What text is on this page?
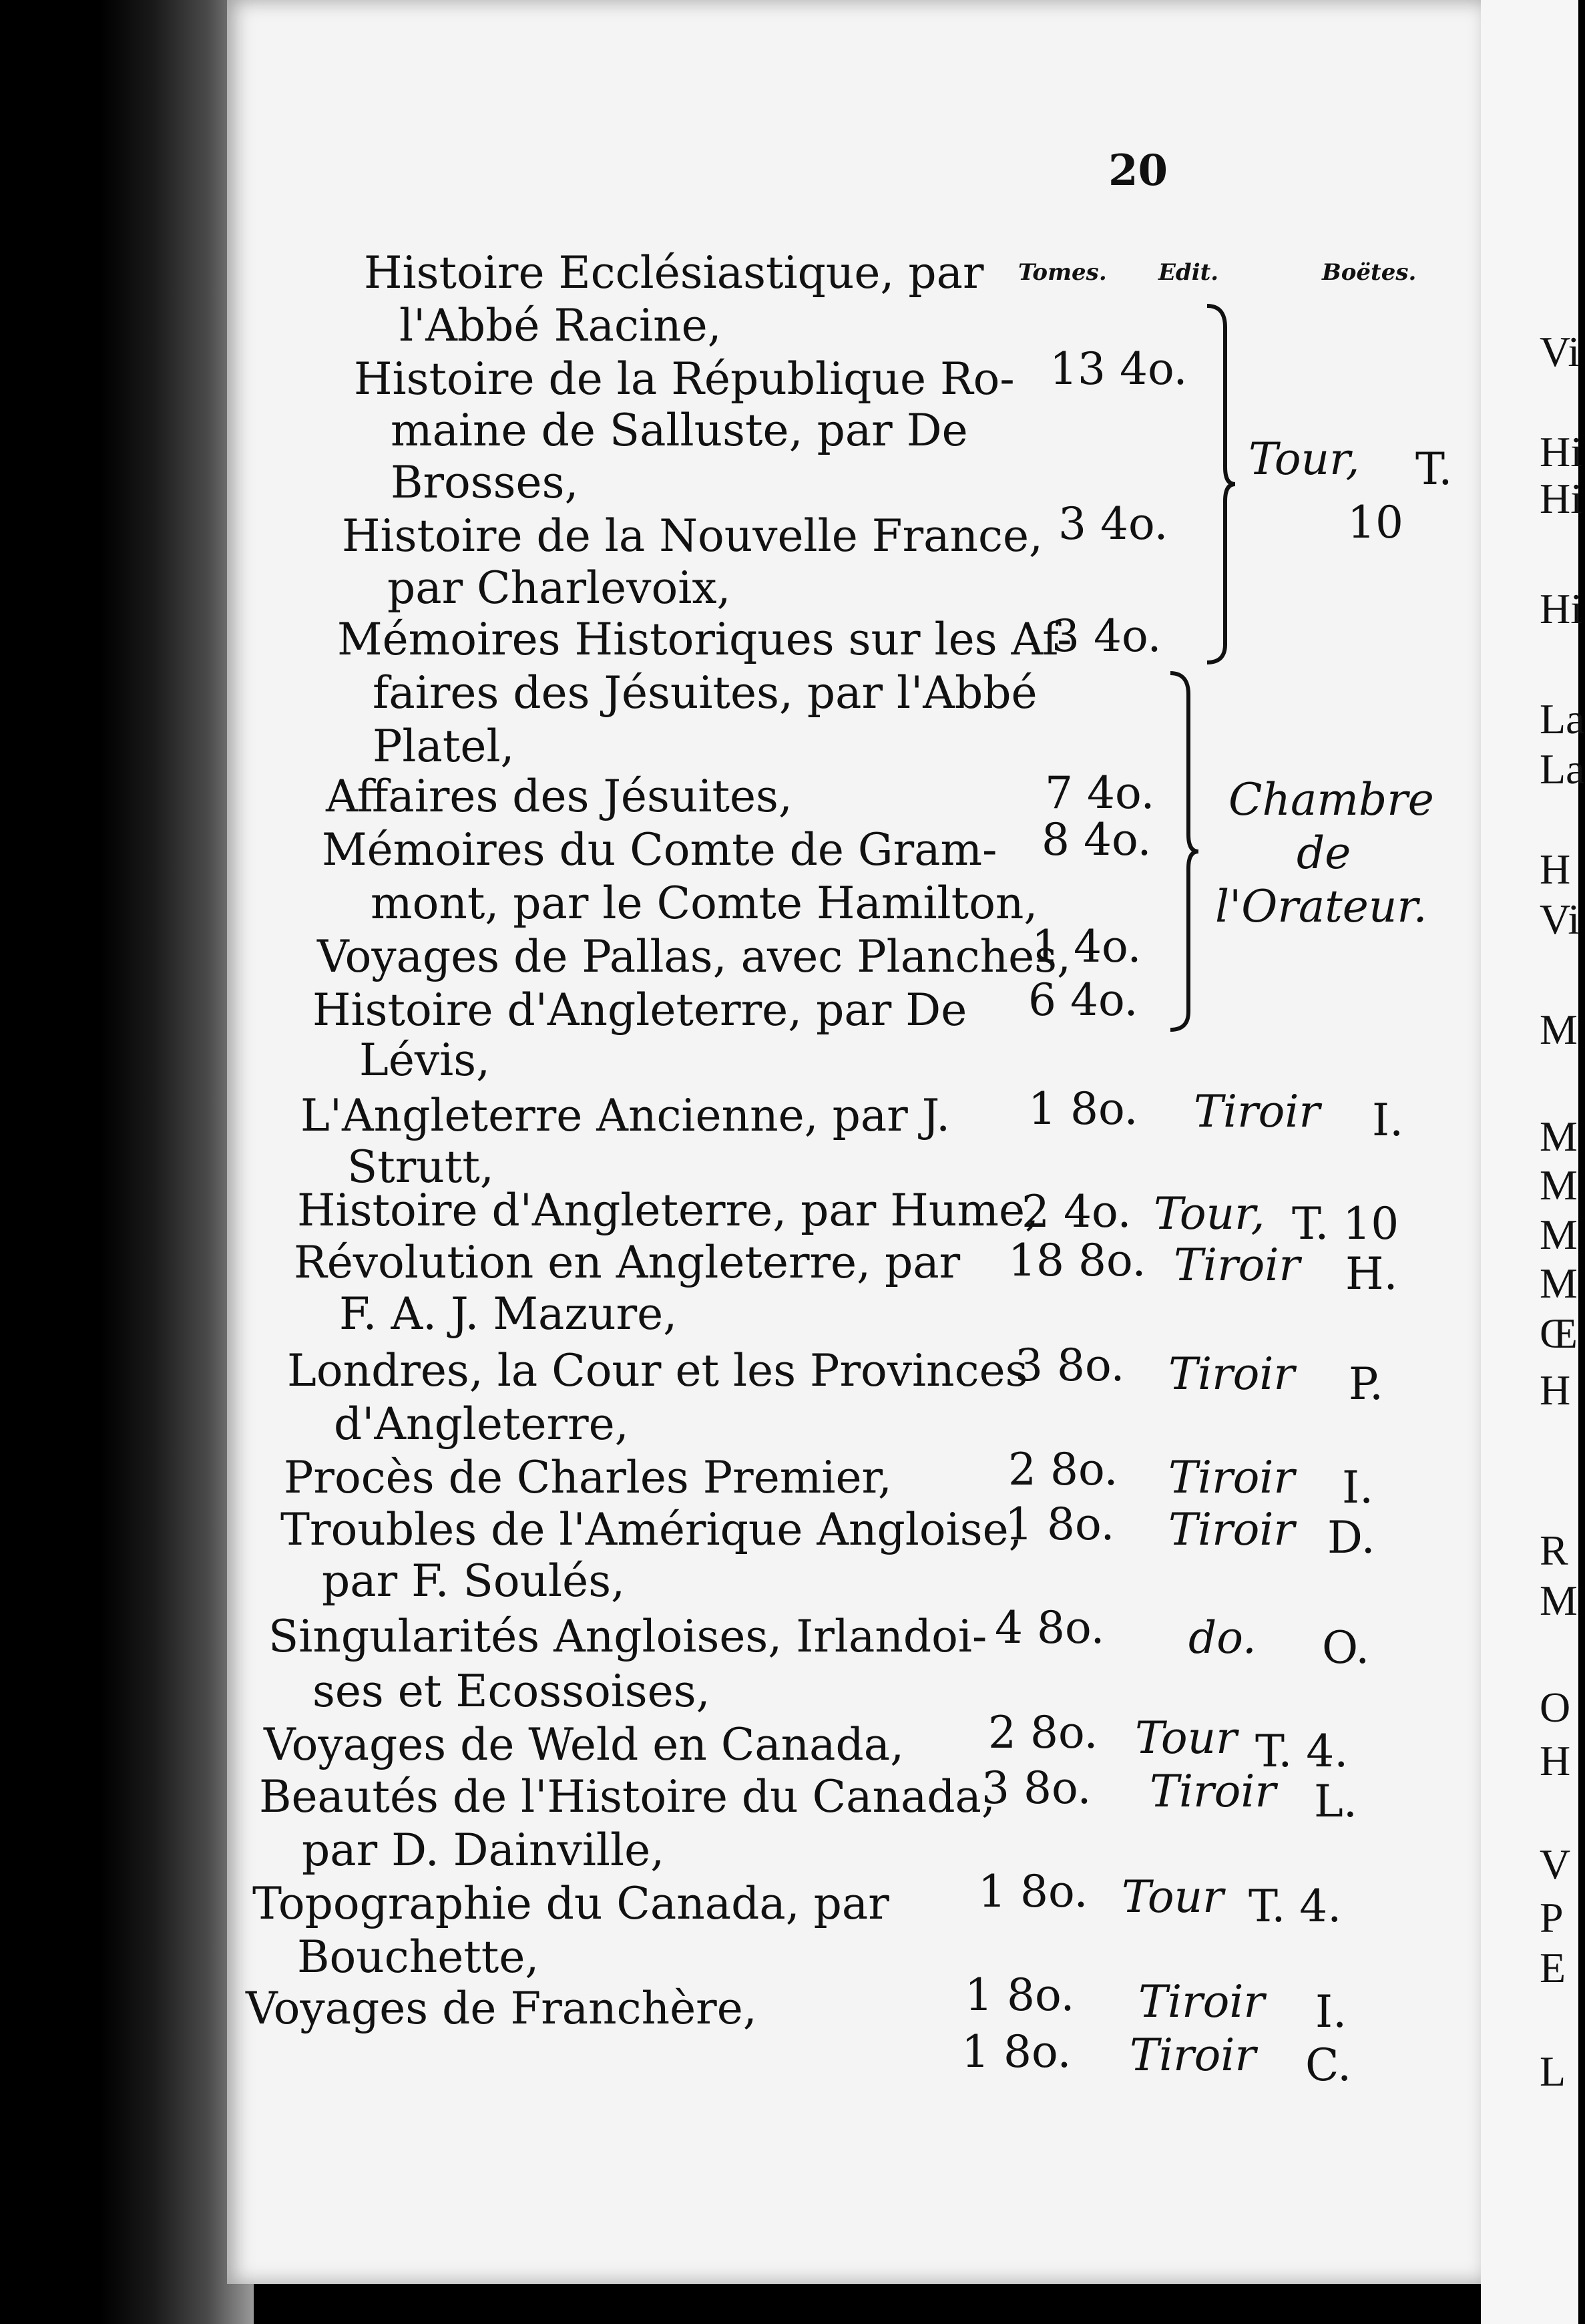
20
Tomes. Edit.	Boëtes.
Histoire Ecclésiastique, par
l'Abbé Racine,
13 4o.
Histoire de la République Ro-
maine de Salluste, par De
Brosses,
3 4o.
Histoire de la Nouvelle France,
par Charlevoix,
3 4o.
Mémoires Historiques sur les Af-
faires des Jésuites, par l'Abbé
Platel,
7 4o.
Affaires des Jésuites,
8 4o.
Mémoires du Comte de Gram-
mont, par le Comte Hamilton,
1 4o.
Voyages de Pallas, avec Planches,
6 4o.
Histoire d'Angleterre, par De
Lévis,
1 8o. Tiroir I.
L'Angleterre Ancienne, par J.
Strutt,
2 4o. Tour, T. 10
Histoire d'Angleterre, par Hume,
18 8o. Tiroir H.
Révolution en Angleterre, par
F. A. J. Mazure,
3 8o. Tiroir P.
Londres, la Cour et les Provinces
d'Angleterre,
2 8o. Tiroir I.
Procès de Charles Premier,
1 8o. Tiroir D.
Troubles de l'Amérique Angloise,
par F. Soulés,
4 8o. do. O.
Singularités Angloises, Irlandoi-
ses et Ecossoises,
2 8o. Tour T. 4.
Voyages de Weld en Canada,
3 8o. Tiroir L.
Beautés de l'Histoire du Canada,
par D. Dainville,
1 8o. Tour T. 4.
Topographie du Canada, par
Bouchette,
1 8o. Tiroir I.
Voyages de Franchère,
1 8o. Tiroir C.
Tour, T.
10
Chambre
de
l'Orateur.
Vi
Hi
Hi
Hi
La
La
H
Vi
M
M
M
M
M
Œ
H
R
M
O
H
V
P
E
L
